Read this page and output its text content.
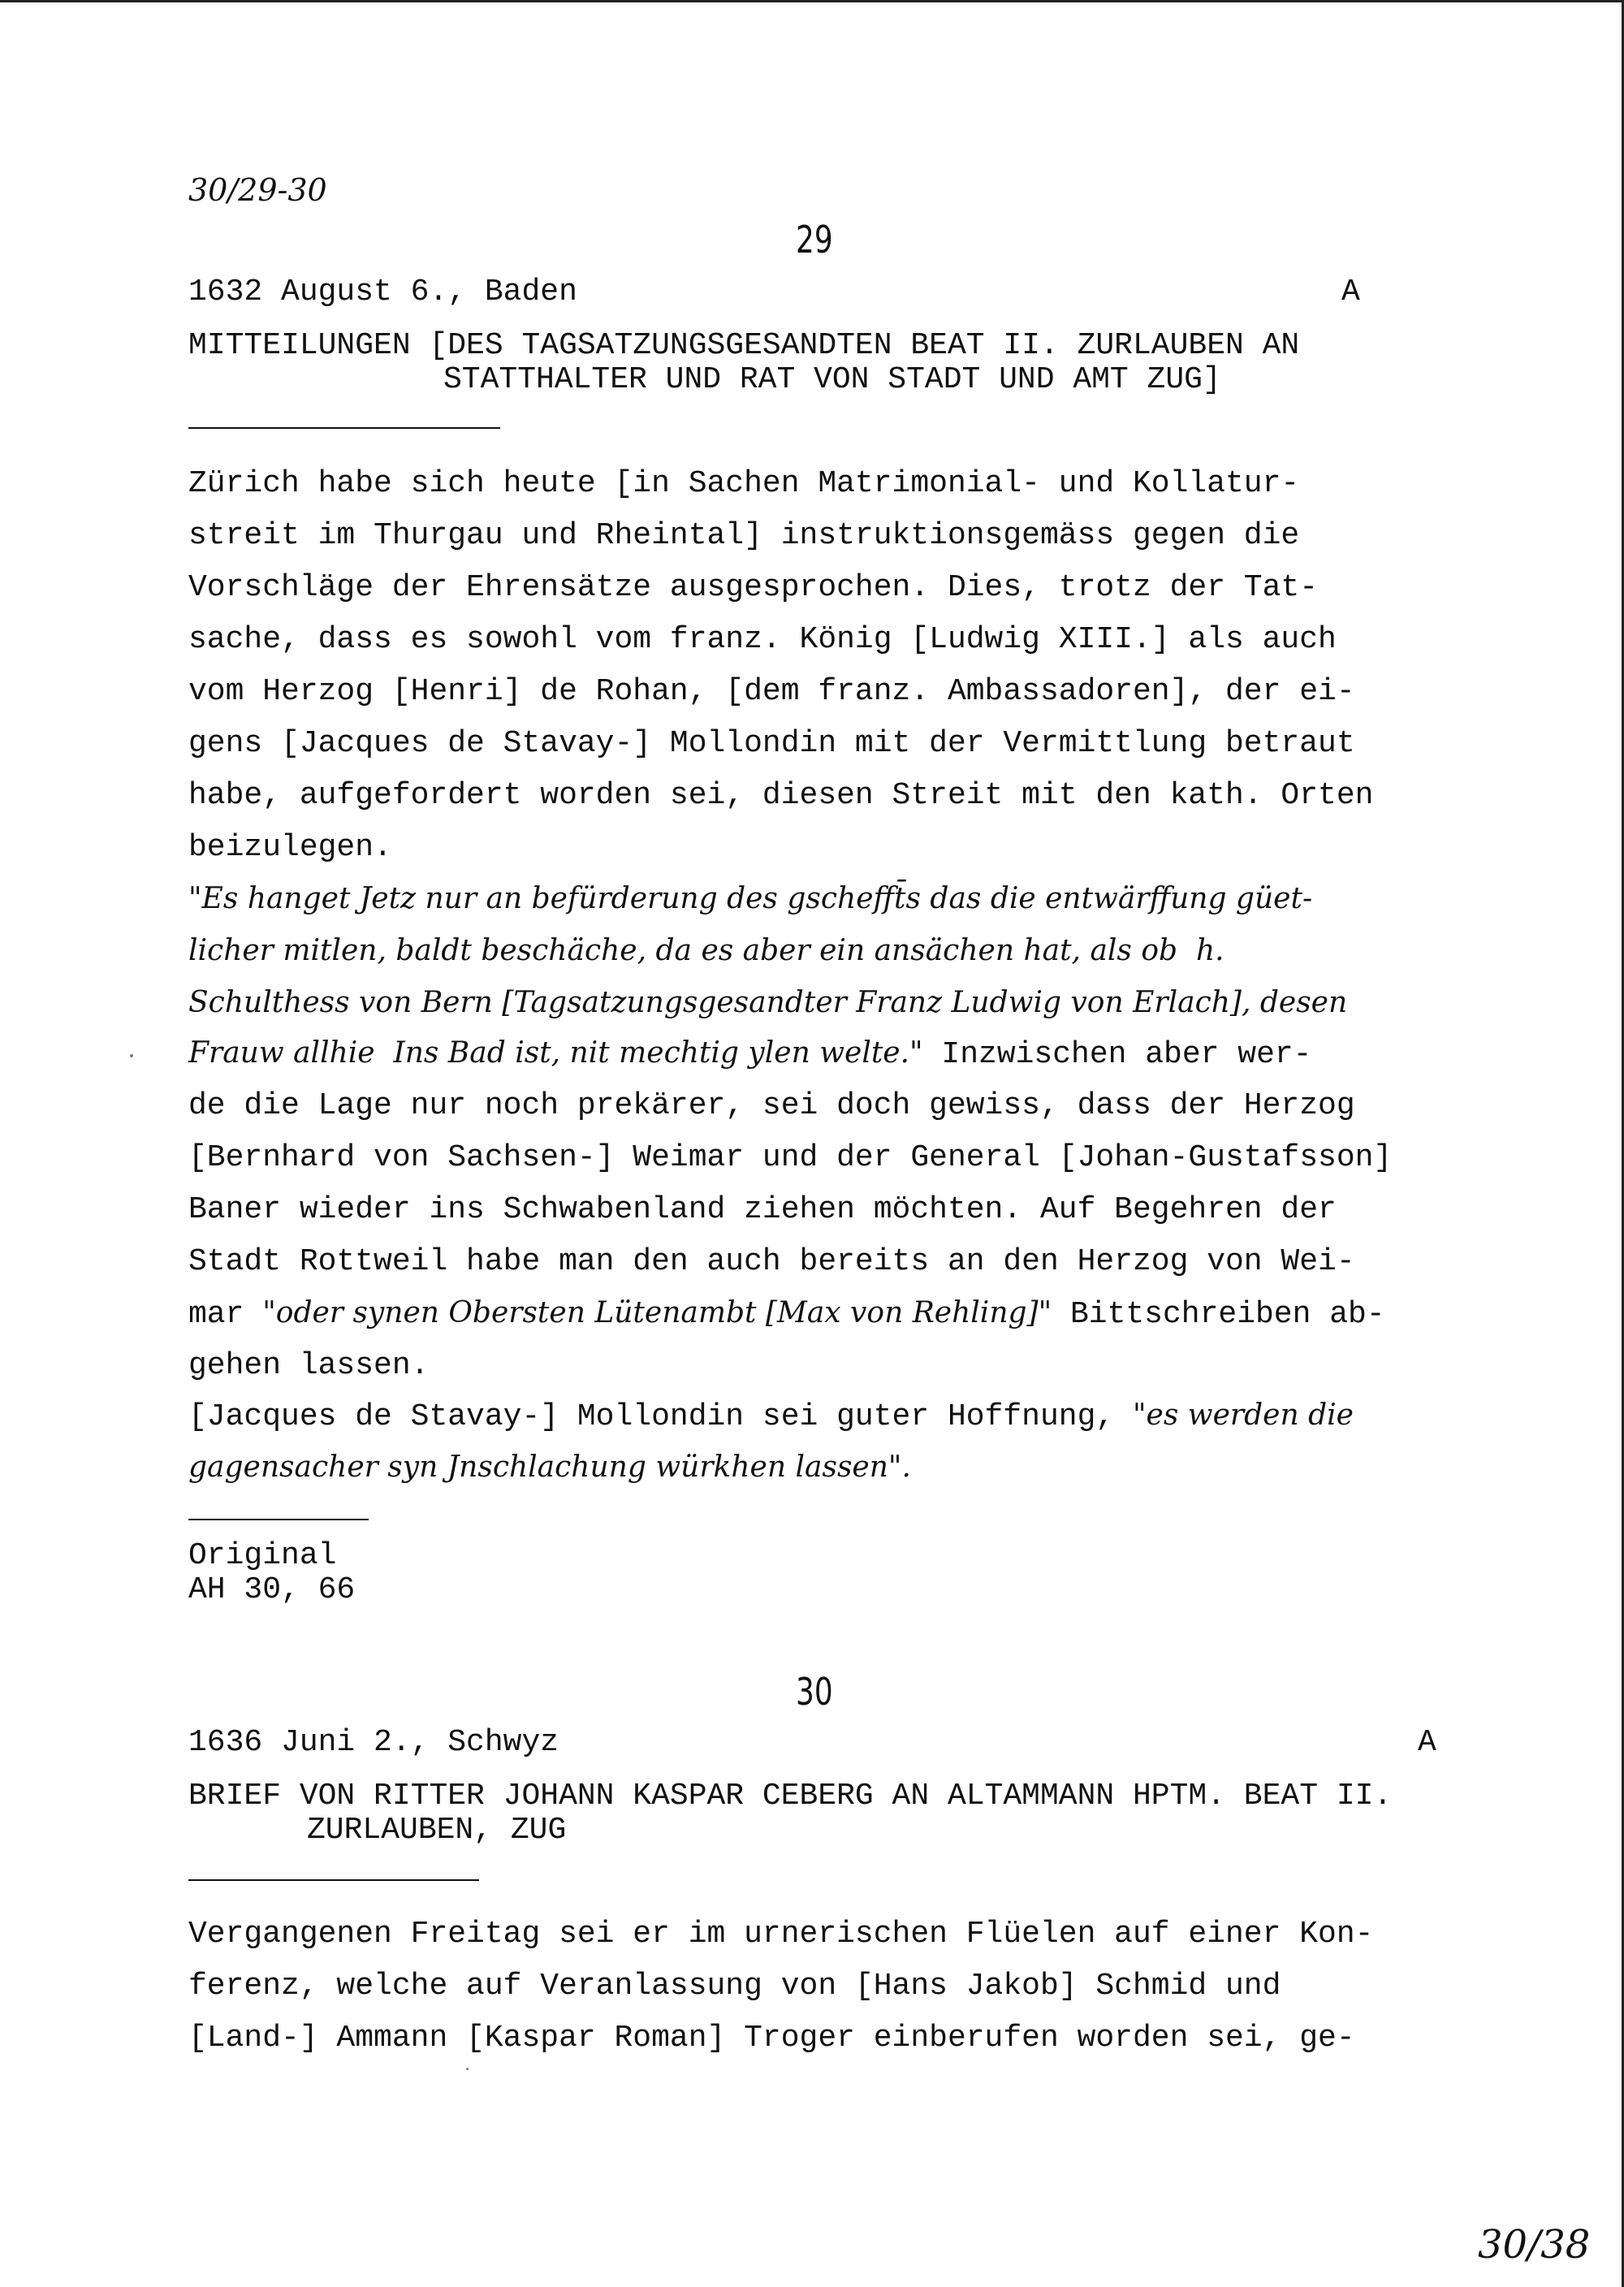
30/29-30
29
1632 August 6., Baden	A
MITTEILUNGEN [DES TAGSATZUNGSGESANDTEN BEAT II. ZURLAUBEN AN
STATTHALTER UND RAT VON STADT UND AMT ZUG]
Zürich habe sich heute [in Sachen Matrimonial- und Kollatur-
streit im Thurgau und Rheintal] instruktionsgemäss gegen die
Vorschläge der Ehrensätze ausgesprochen. Dies, trotz der Tat-
sache, dass es sowohl vom franz. König [Ludwig XIII.] als auch
vom Herzog [Henri] de Rohan, [dem franz. Ambassadoren], der ei-
gens [Jacques de Stavay-] Mollondin mit der Vermittlung betraut
habe, aufgefordert worden sei, diesen Streit mit den kath. Orten
beizulegen.
"Es hanget Jetz nur an befürderung des gschefft̄s das die entwärffung güet-
licher mitlen, baldt beschäche, da es aber ein ansächen hat, als ob  h.
Schulthess von Bern [Tagsatzungsgesandter Franz Ludwig von Erlach], desen
Frauw allhie  Ins Bad ist, nit mechtig ylen welte." Inzwischen aber wer-
de die Lage nur noch prekärer, sei doch gewiss, dass der Herzog
[Bernhard von Sachsen-] Weimar und der General [Johan-Gustafsson]
Baner wieder ins Schwabenland ziehen möchten. Auf Begehren der
Stadt Rottweil habe man den auch bereits an den Herzog von Wei-
mar "oder synen Obersten Lütenambt [Max von Rehling]" Bittschreiben ab-
gehen lassen.
[Jacques de Stavay-] Mollondin sei guter Hoffnung, "es werden die
gagensacher syn Jnschlachung würkhen lassen".
Original
AH 30, 66
30
1636 Juni 2., Schwyz	A
BRIEF VON RITTER JOHANN KASPAR CEBERG AN ALTAMMANN HPTM. BEAT II.
ZURLAUBEN, ZUG
Vergangenen Freitag sei er im urnerischen Flüelen auf einer Kon-
ferenz, welche auf Veranlassung von [Hans Jakob] Schmid und
[Land-] Ammann [Kaspar Roman] Troger einberufen worden sei, ge-
30/38
